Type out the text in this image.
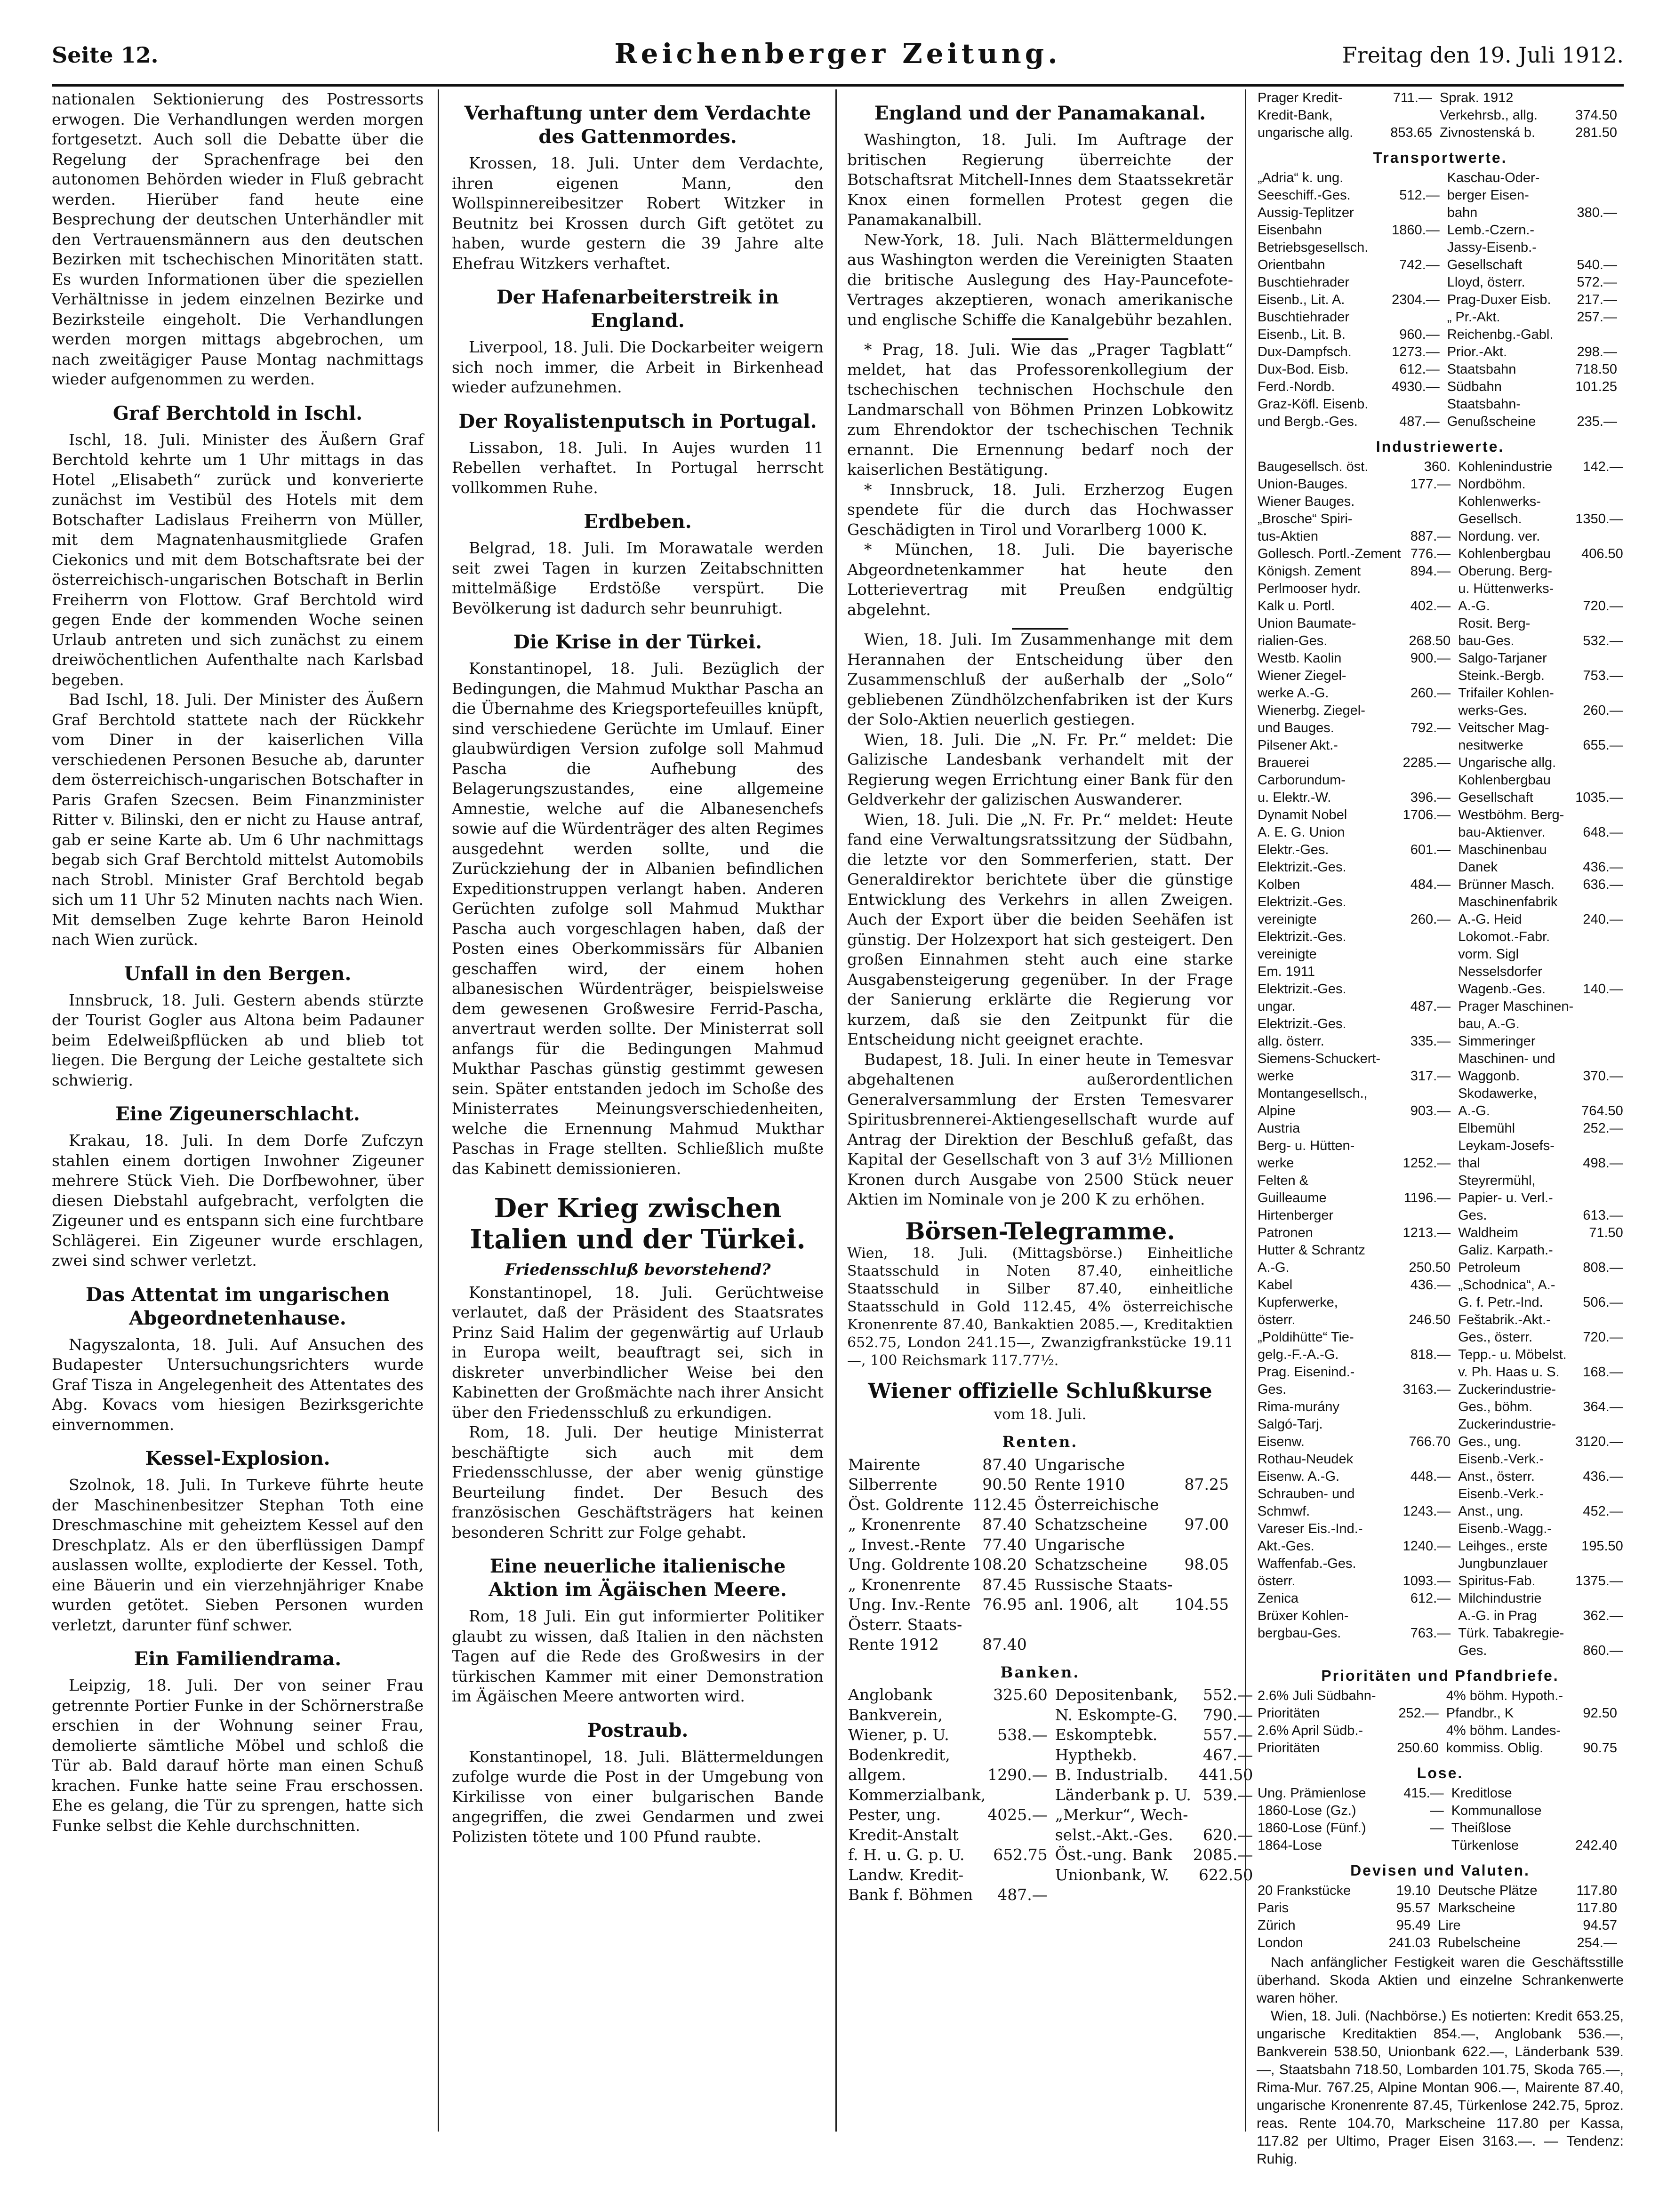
Seite 12.	Reichenberger Zeitung.	Freitag den 19. Juli 1912.

nationalen Sektionierung des Postressorts erwogen. Die Verhandlungen werden morgen fortgesetzt. Auch soll die Debatte über die Regelung der Sprachenfrage bei den autonomen Behörden wieder in Fluß gebracht werden. Hierüber fand heute eine Besprechung der deutschen Unterhändler mit den Vertrauensmännern aus den deutschen Bezirken mit tschechischen Minoritäten statt. Es wurden Informationen über die speziellen Verhältnisse in jedem einzelnen Bezirke und Bezirksteile eingeholt. Die Verhandlungen werden morgen mittags abgebrochen, um nach zweitägiger Pause Montag nachmittags wieder aufgenommen zu werden.

Graf Berchtold in Ischl.

Ischl, 18. Juli. Minister des Äußern Graf Berchtold kehrte um 1 Uhr mittags in das Hotel „Elisabeth“ zurück und konverierte zunächst im Vestibül des Hotels mit dem Botschafter Ladislaus Freiherrn von Müller, mit dem Magnatenhausmitgliede Grafen Ciekonics und mit dem Botschaftsrate bei der österreichisch-ungarischen Botschaft in Berlin Freiherrn von Flottow. Graf Berchtold wird gegen Ende der kommenden Woche seinen Urlaub antreten und sich zunächst zu einem dreiwöchentlichen Aufenthalte nach Karlsbad begeben.

Bad Ischl, 18. Juli. Der Minister des Äußern Graf Berchtold stattete nach der Rückkehr vom Diner in der kaiserlichen Villa verschiedenen Personen Besuche ab, darunter dem österreichisch-ungarischen Botschafter in Paris Grafen Szecsen. Beim Finanzminister Ritter v. Bilinski, den er nicht zu Hause antraf, gab er seine Karte ab. Um 6 Uhr nachmittags begab sich Graf Berchtold mittelst Automobils nach Strobl. Minister Graf Berchtold begab sich um 11 Uhr 52 Minuten nachts nach Wien. Mit demselben Zuge kehrte Baron Heinold nach Wien zurück.

Unfall in den Bergen.

Innsbruck, 18. Juli. Gestern abends stürzte der Tourist Gogler aus Altona beim Padauner beim Edelweißpflücken ab und blieb tot liegen. Die Bergung der Leiche gestaltete sich schwierig.

Eine Zigeunerschlacht.

Krakau, 18. Juli. In dem Dorfe Zufczyn stahlen einem dortigen Inwohner Zigeuner mehrere Stück Vieh. Die Dorfbewohner, über diesen Diebstahl aufgebracht, verfolgten die Zigeuner und es entspann sich eine furchtbare Schlägerei. Ein Zigeuner wurde erschlagen, zwei sind schwer verletzt.

Das Attentat im ungarischen Abgeordnetenhause.

Nagyszalonta, 18. Juli. Auf Ansuchen des Budapester Untersuchungsrichters wurde Graf Tisza in Angelegenheit des Attentates des Abg. Kovacs vom hiesigen Bezirksgerichte einvernommen.

Kessel-Explosion.

Szolnok, 18. Juli. In Turkeve führte heute der Maschinenbesitzer Stephan Toth eine Dreschmaschine mit geheiztem Kessel auf den Dreschplatz. Als er den überflüssigen Dampf auslassen wollte, explodierte der Kessel. Toth, eine Bäuerin und ein vierzehnjähriger Knabe wurden getötet. Sieben Personen wurden verletzt, darunter fünf schwer.

Ein Familiendrama.

Leipzig, 18. Juli. Der von seiner Frau getrennte Portier Funke in der Schörnerstraße erschien in der Wohnung seiner Frau, demolierte sämtliche Möbel und schloß die Tür ab. Bald darauf hörte man einen Schuß krachen. Funke hatte seine Frau erschossen. Ehe es gelang, die Tür zu sprengen, hatte sich Funke selbst die Kehle durchschnitten.

Verhaftung unter dem Verdachte des Gattenmordes.

Krossen, 18. Juli. Unter dem Verdachte, ihren eigenen Mann, den Wollspinnereibesitzer Robert Witzker in Beutnitz bei Krossen durch Gift getötet zu haben, wurde gestern die 39 Jahre alte Ehefrau Witzkers verhaftet.

Der Hafenarbeiterstreik in England.

Liverpool, 18. Juli. Die Dockarbeiter weigern sich noch immer, die Arbeit in Birkenhead wieder aufzunehmen.

Der Royalistenputsch in Portugal.

Lissabon, 18. Juli. In Aujes wurden 11 Rebellen verhaftet. In Portugal herrscht vollkommen Ruhe.

Erdbeben.

Belgrad, 18. Juli. Im Morawatale werden seit zwei Tagen in kurzen Zeitabschnitten mittelmäßige Erdstöße verspürt. Die Bevölkerung ist dadurch sehr beunruhigt.

Die Krise in der Türkei.

Konstantinopel, 18. Juli. Bezüglich der Bedingungen, die Mahmud Mukthar Pascha an die Übernahme des Kriegsportefeuilles knüpft, sind verschiedene Gerüchte im Umlauf. Einer glaubwürdigen Version zufolge soll Mahmud Pascha die Aufhebung des Belagerungszustandes, eine allgemeine Amnestie, welche auf die Albanesenchefs sowie auf die Würdenträger des alten Regimes ausgedehnt werden sollte, und die Zurückziehung der in Albanien befindlichen Expeditionstruppen verlangt haben. Anderen Gerüchten zufolge soll Mahmud Mukthar Pascha auch vorgeschlagen haben, daß der Posten eines Oberkommissärs für Albanien geschaffen wird, der einem hohen albanesischen Würdenträger, beispielsweise dem gewesenen Großwesire Ferrid-Pascha, anvertraut werden sollte. Der Ministerrat soll anfangs für die Bedingungen Mahmud Mukthar Paschas günstig gestimmt gewesen sein. Später entstanden jedoch im Schoße des Ministerrates Meinungsverschiedenheiten, welche die Ernennung Mahmud Mukthar Paschas in Frage stellten. Schließlich mußte das Kabinett demissionieren.

Der Krieg zwischen Italien und der Türkei.
Friedensschluß bevorstehend?

Konstantinopel, 18. Juli. Gerüchtweise verlautet, daß der Präsident des Staatsrates Prinz Said Halim der gegenwärtig auf Urlaub in Europa weilt, beauftragt sei, sich in diskreter unverbindlicher Weise bei den Kabinetten der Großmächte nach ihrer Ansicht über den Friedensschluß zu erkundigen.

Rom, 18. Juli. Der heutige Ministerrat beschäftigte sich auch mit dem Friedensschlusse, der aber wenig günstige Beurteilung findet. Der Besuch des französischen Geschäftsträgers hat keinen besonderen Schritt zur Folge gehabt.

Eine neuerliche italienische Aktion im Ägäischen Meere.

Rom, 18 Juli. Ein gut informierter Politiker glaubt zu wissen, daß Italien in den nächsten Tagen auf die Rede des Großwesirs in der türkischen Kammer mit einer Demonstration im Ägäischen Meere antworten wird.

Postraub.

Konstantinopel, 18. Juli. Blättermeldungen zufolge wurde die Post in der Umgebung von Kirkilisse von einer bulgarischen Bande angegriffen, die zwei Gendarmen und zwei Polizisten tötete und 100 Pfund raubte.

England und der Panamakanal.

Washington, 18. Juli. Im Auftrage der britischen Regierung überreichte der Botschaftsrat Mitchell-Innes dem Staatssekretär Knox einen formellen Protest gegen die Panamakanalbill.

New-York, 18. Juli. Nach Blättermeldungen aus Washington werden die Vereinigten Staaten die britische Auslegung des Hay-Pauncefote-Vertrages akzeptieren, wonach amerikanische und englische Schiffe die Kanalgebühr bezahlen.

* Prag, 18. Juli. Wie das „Prager Tagblatt“ meldet, hat das Professorenkollegium der tschechischen technischen Hochschule den Landmarschall von Böhmen Prinzen Lobkowitz zum Ehrendoktor der tschechischen Technik ernannt. Die Ernennung bedarf noch der kaiserlichen Bestätigung.

* Innsbruck, 18. Juli. Erzherzog Eugen spendete für die durch das Hochwasser Geschädigten in Tirol und Vorarlberg 1000 K.

* München, 18. Juli. Die bayerische Abgeordnetenkammer hat heute den Lotterievertrag mit Preußen endgültig abgelehnt.

Wien, 18. Juli. Im Zusammenhange mit dem Herannahen der Entscheidung über den Zusammenschluß der außerhalb der „Solo“ gebliebenen Zündhölzchenfabriken ist der Kurs der Solo-Aktien neuerlich gestiegen.

Wien, 18. Juli. Die „N. Fr. Pr.“ meldet: Die Galizische Landesbank verhandelt mit der Regierung wegen Errichtung einer Bank für den Geldverkehr der galizischen Auswanderer.

Wien, 18. Juli. Die „N. Fr. Pr.“ meldet: Heute fand eine Verwaltungsratssitzung der Südbahn, die letzte vor den Sommerferien, statt. Der Generaldirektor berichtete über die günstige Entwicklung des Verkehrs in allen Zweigen. Auch der Export über die beiden Seehäfen ist günstig. Der Holzexport hat sich gesteigert. Den großen Einnahmen steht auch eine starke Ausgabensteigerung gegenüber. In der Frage der Sanierung erklärte die Regierung vor kurzem, daß sie den Zeitpunkt für die Entscheidung nicht geeignet erachte.

Budapest, 18. Juli. In einer heute in Temesvar abgehaltenen außerordentlichen Generalversammlung der Ersten Temesvarer Spiritusbrennerei-Aktiengesellschaft wurde auf Antrag der Direktion der Beschluß gefaßt, das Kapital der Gesellschaft von 3 auf 3½ Millionen Kronen durch Ausgabe von 2500 Stück neuer Aktien im Nominale von je 200 K zu erhöhen.

Börsen-Telegramme.
Wien, 18. Juli. (Mittagsbörse.) Einheitliche Staatsschuld in Noten 87.40, einheitliche Staatsschuld in Silber 87.40, einheitliche Staatsschuld in Gold 112.45, 4% österreichische Kronenrente 87.40, Bankaktien 2085.—, Kreditaktien 652.75, London 241.15—, Zwanzigfrankstücke 19.11—, 100 Reichsmark 117.77½.
Wiener offizielle Schlußkurse
vom 18. Juli.
Renten.
Mairente	87.40	Ungarische	
Silberrente	90.50	Rente 1910	87.25
Öst. Goldrente	112.45	Österreichische	
„ Kronenrente	87.40	Schatzscheine	97.00
„ Invest.-Rente	77.40	Ungarische	
Ung. Goldrente	108.20	Schatzscheine	98.05
„ Kronenrente	87.45	Russische Staats-	
Ung. Inv.-Rente	76.95	anl. 1906, alt	104.55
Österr. Staats-			
Rente 1912	87.40		
Banken.
Anglobank	325.60	Depositenbank,	552.—
Bankverein,		N. Eskompte-G.	790.—
Wiener, p. U.	538.—	Eskomptebk.	557.—
Bodenkredit,		Hypthekb.	467.—
allgem.	1290.—	B. Industrialb.	441.50
Kommerzialbank,		Länderbank p. U.	539.—
Pester, ung.	4025.—	„Merkur“, Wech-	
Kredit-Anstalt		selst.-Akt.-Ges.	620.—
f. H. u. G. p. U.	652.75	Öst.-ung. Bank	2085.—
Landw. Kredit-		Unionbank, W.	622.50
Bank f. Böhmen	487.—		
Prager Kredit-	711.—	Sprak. 1912	
Kredit-Bank,		Verkehrsb., allg.	374.50
ungarische allg.	853.65	Zivnostenská b.	281.50
Transportwerte.
„Adria“ k. ung.		Kaschau-Oder-	
Seeschiff.-Ges.	512.—	berger Eisen-	
Aussig-Teplitzer		bahn	380.—
Eisenbahn	1860.—	Lemb.-Czern.-	
Betriebsgesellsch.		Jassy-Eisenb.-	
Orientbahn	742.—	Gesellschaft	540.—
Buschtiehrader		Lloyd, österr.	572.—
Eisenb., Lit. A.	2304.—	Prag-Duxer Eisb.	217.—
Buschtiehrader		„ Pr.-Akt.	257.—
Eisenb., Lit. B.	960.—	Reichenbg.-Gabl.	
Dux-Dampfsch.	1273.—	Prior.-Akt.	298.—
Dux-Bod. Eisb.	612.—	Staatsbahn	718.50
Ferd.-Nordb.	4930.—	Südbahn	101.25
Graz-Köfl. Eisenb.		Staatsbahn-	
und Bergb.-Ges.	487.—	Genußscheine	235.—
Industriewerte.
Baugesellsch. öst.	360.	Kohlenindustrie	142.—
Union-Bauges.	177.—	Nordböhm.	
Wiener Bauges.		Kohlenwerks-	
„Brosche“ Spiri-		Gesellsch.	1350.—
tus-Aktien	887.—	Nordung. ver.	
Gollesch. Portl.-Zement	776.—	Kohlenbergbau	406.50
Königsh. Zement	894.—	Oberung. Berg-	
Perlmooser hydr.		u. Hüttenwerks-	
Kalk u. Portl.	402.—	A.-G.	720.—
Union Baumate-		Rosit. Berg-	
rialien-Ges.	268.50	bau-Ges.	532.—
Westb. Kaolin	900.—	Salgo-Tarjaner	
Wiener Ziegel-		Steink.-Bergb.	753.—
werke A.-G.	260.—	Trifailer Kohlen-	
Wienerbg. Ziegel-		werks-Ges.	260.—
und Bauges.	792.—	Veitscher Mag-	
Pilsener Akt.-		nesitwerke	655.—
Brauerei	2285.—	Ungarische allg.	
Carborundum-		Kohlenbergbau	
u. Elektr.-W.	396.—	Gesellschaft	1035.—
Dynamit Nobel	1706.—	Westböhm. Berg-	
A. E. G. Union		bau-Aktienver.	648.—
Elektr.-Ges.	601.—	Maschinenbau	
Elektrizit.-Ges.		Danek	436.—
Kolben	484.—	Brünner Masch.	636.—
Elektrizit.-Ges.		Maschinenfabrik	
vereinigte	260.—	A.-G. Heid	240.—
Elektrizit.-Ges.		Lokomot.-Fabr.	
vereinigte		vorm. Sigl	
Em. 1911		Nesselsdorfer	
Elektrizit.-Ges.		Wagenb.-Ges.	140.—
ungar.	487.—	Prager Maschinen-	
Elektrizit.-Ges.		bau, A.-G.	
allg. österr.	335.—	Simmeringer	
Siemens-Schuckert-		Maschinen- und	
werke	317.—	Waggonb.	370.—
Montangesellsch.,		Skodawerke,	
Alpine	903.—	A.-G.	764.50
Austria		Elbemühl	252.—
Berg- u. Hütten-		Leykam-Josefs-	
werke	1252.—	thal	498.—
Felten &		Steyrermühl,	
Guilleaume	1196.—	Papier- u. Verl.-	
Hirtenberger		Ges.	613.—
Patronen	1213.—	Waldheim	71.50
Hutter & Schrantz		Galiz. Karpath.-	
A.-G.	250.50	Petroleum	808.—
Kabel	436.—	„Schodnica“, A.-	
Kupferwerke,		G. f. Petr.-Ind.	506.—
österr.	246.50	Feštabrik.-Akt.-	
„Poldihütte“ Tie-		Ges., österr.	720.—
gelg.-F.-A.-G.	818.—	Tepp.- u. Möbelst.	
Prag. Eisenind.-		v. Ph. Haas u. S.	168.—
Ges.	3163.—	Zuckerindustrie-	
Rima-murány		Ges., böhm.	364.—
Salgó-Tarj.		Zuckerindustrie-	
Eisenw.	766.70	Ges., ung.	3120.—
Rothau-Neudek		Eisenb.-Verk.-	
Eisenw. A.-G.	448.—	Anst., österr.	436.—
Schrauben- und		Eisenb.-Verk.-	
Schmwf.	1243.—	Anst., ung.	452.—
Vareser Eis.-Ind.-		Eisenb.-Wagg.-	
Akt.-Ges.	1240.—	Leihges., erste	195.50
Waffenfab.-Ges.		Jungbunzlauer	
österr.	1093.—	Spiritus-Fab.	1375.—
Zenica	612.—	Milchindustrie	
Brüxer Kohlen-		A.-G. in Prag	362.—
bergbau-Ges.	763.—	Türk. Tabakregie-	
		Ges.	860.—
Prioritäten und Pfandbriefe.
2.6% Juli Südbahn-		4% böhm. Hypoth.-	
Prioritäten	252.—	Pfandbr., K	92.50
2.6% April Südb.-		4% böhm. Landes-	
Prioritäten	250.60	kommiss. Oblig.	90.75
Lose.
Ung. Prämienlose	415.—	Kreditlose	
1860-Lose (Gz.)	—	Kommunallose	
1860-Lose (Fünf.)	—	Theißlose	
1864-Lose		Türkenlose	242.40
Devisen und Valuten.
20 Frankstücke	19.10	Deutsche Plätze	117.80
Paris	95.57	Markscheine	117.80
Zürich	95.49	Lire	94.57
London	241.03	Rubelscheine	254.—
Nach anfänglicher Festigkeit waren die Geschäftsstille überhand. Skoda Aktien und einzelne Schrankenwerte waren höher.
Wien, 18. Juli. (Nachbörse.) Es notierten: Kredit 653.25, ungarische Kreditaktien 854.—, Anglobank 536.—, Bankverein 538.50, Unionbank 622.—, Länderbank 539.—, Staatsbahn 718.50, Lombarden 101.75, Skoda 765.—, Rima-Mur. 767.25, Alpine Montan 906.—, Mairente 87.40, ungarische Kronenrente 87.45, Türkenlose 242.75, 5proz. reas. Rente 104.70, Markscheine 117.80 per Kassa, 117.82 per Ultimo, Prager Eisen 3163.—. — Tendenz: Ruhig.
